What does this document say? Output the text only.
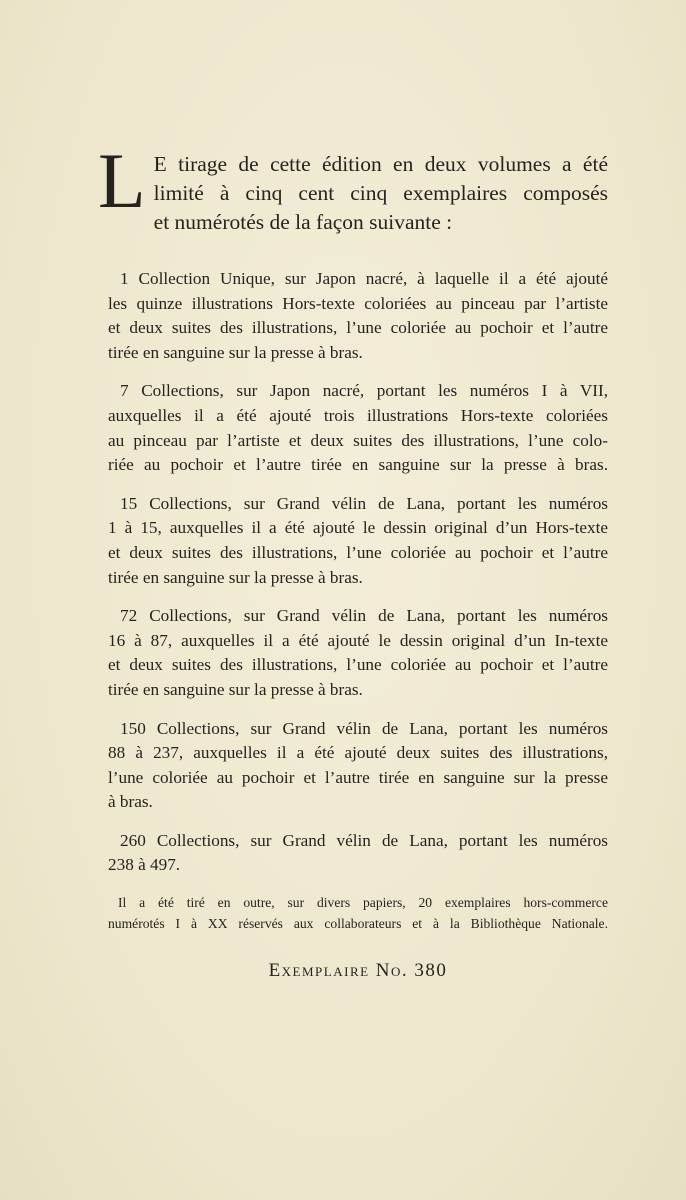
L E tirage de cette édition en deux volumes a été
limité à cinq cent cinq exemplaires composés
et numérotés de la façon suivante :
1 Collection Unique, sur Japon nacré, à laquelle il a été ajouté
les quinze illustrations Hors-texte coloriées au pinceau par l’artiste
et deux suites des illustrations, l’une coloriée au pochoir et l’autre
tirée en sanguine sur la presse à bras.
7 Collections, sur Japon nacré, portant les numéros I à VII,
auxquelles il a été ajouté trois illustrations Hors-texte coloriées
au pinceau par l’artiste et deux suites des illustrations, l’une colo-
riée au pochoir et l’autre tirée en sanguine sur la presse à bras.
15 Collections, sur Grand vélin de Lana, portant les numéros
1 à 15, auxquelles il a été ajouté le dessin original d’un Hors-texte
et deux suites des illustrations, l’une coloriée au pochoir et l’autre
tirée en sanguine sur la presse à bras.
72 Collections, sur Grand vélin de Lana, portant les numéros
16 à 87, auxquelles il a été ajouté le dessin original d’un In-texte
et deux suites des illustrations, l’une coloriée au pochoir et l’autre
tirée en sanguine sur la presse à bras.
150 Collections, sur Grand vélin de Lana, portant les numéros
88 à 237, auxquelles il a été ajouté deux suites des illustrations,
l’une coloriée au pochoir et l’autre tirée en sanguine sur la presse
à bras.
260 Collections, sur Grand vélin de Lana, portant les numéros
238 à 497.
Il a été tiré en outre, sur divers papiers, 20 exemplaires hors-commerce
numérotés I à XX réservés aux collaborateurs et à la Bibliothèque Nationale.
Exemplaire No. 380
